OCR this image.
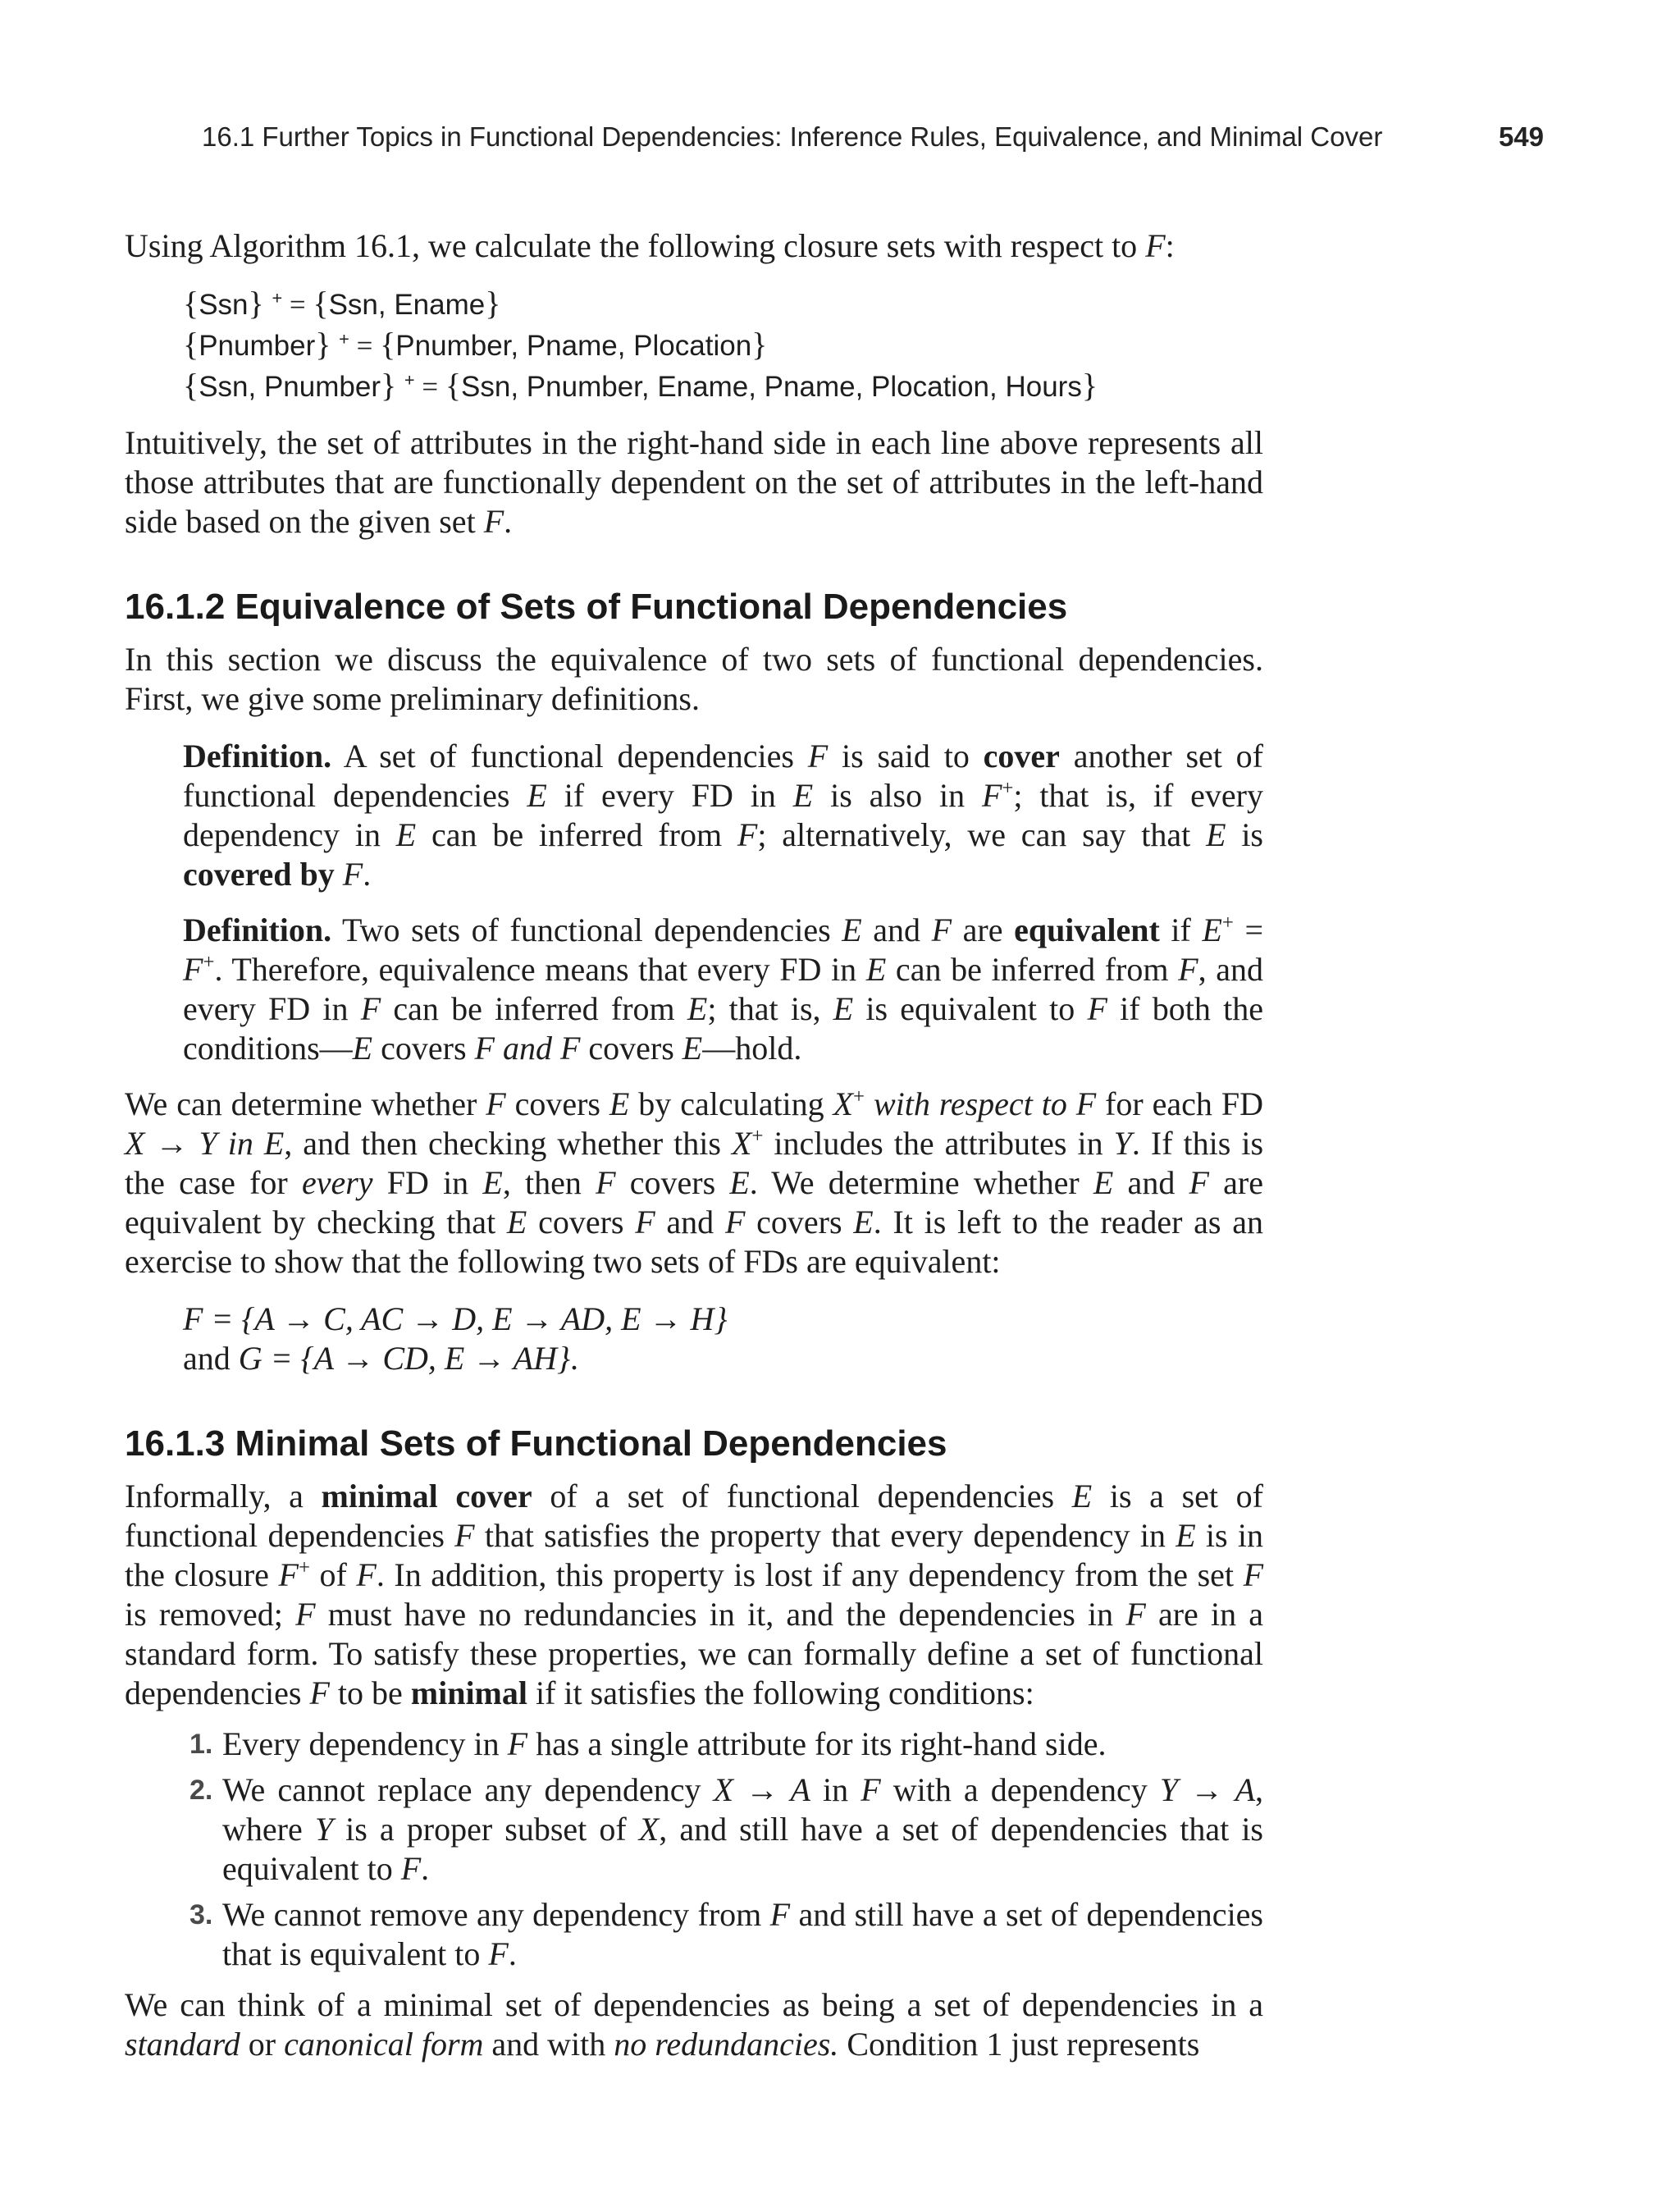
16.1 Further Topics in Functional Dependencies: Inference Rules, Equivalence, and Minimal Cover	549

Using Algorithm 16.1, we calculate the following closure sets with respect to F:

{Ssn} + = {Ssn, Ename}
{Pnumber} + = {Pnumber, Pname, Plocation}
{Ssn, Pnumber} + = {Ssn, Pnumber, Ename, Pname, Plocation, Hours}

Intuitively, the set of attributes in the right-hand side in each line above represents all those attributes that are functionally dependent on the set of attributes in the left-hand side based on the given set F.

16.1.2 Equivalence of Sets of Functional Dependencies

In this section we discuss the equivalence of two sets of functional dependencies. First, we give some preliminary definitions.

Definition. A set of functional dependencies F is said to cover another set of functional dependencies E if every FD in E is also in F+; that is, if every dependency in E can be inferred from F; alternatively, we can say that E is covered by F.

Definition. Two sets of functional dependencies E and F are equivalent if E+ = F+. Therefore, equivalence means that every FD in E can be inferred from F, and every FD in F can be inferred from E; that is, E is equivalent to F if both the conditions—E covers F and F covers E—hold.

We can determine whether F covers E by calculating X+ with respect to F for each FD X → Y in E, and then checking whether this X+ includes the attributes in Y. If this is the case for every FD in E, then F covers E. We determine whether E and F are equivalent by checking that E covers F and F covers E. It is left to the reader as an exercise to show that the following two sets of FDs are equivalent:

F = {A → C, AC → D, E → AD, E → H}

and G = {A → CD, E → AH}.

16.1.3 Minimal Sets of Functional Dependencies

Informally, a minimal cover of a set of functional dependencies E is a set of functional dependencies F that satisfies the property that every dependency in E is in the closure F+ of F. In addition, this property is lost if any dependency from the set F is removed; F must have no redundancies in it, and the dependencies in F are in a standard form. To satisfy these properties, we can formally define a set of functional dependencies F to be minimal if it satisfies the following conditions:

1. Every dependency in F has a single attribute for its right-hand side.

2. We cannot replace any dependency X → A in F with a dependency Y → A, where Y is a proper subset of X, and still have a set of dependencies that is equivalent to F.

3. We cannot remove any dependency from F and still have a set of dependencies that is equivalent to F.

We can think of a minimal set of dependencies as being a set of dependencies in a standard or canonical form and with no redundancies. Condition 1 just represents
